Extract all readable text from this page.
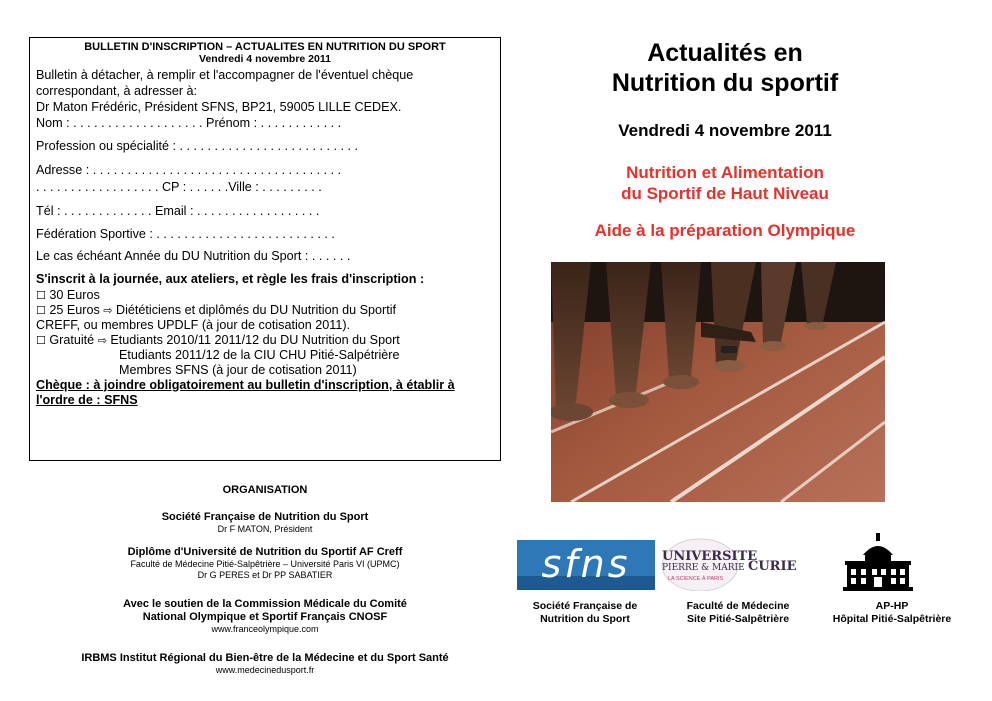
BULLETIN D'INSCRIPTION – ACTUALITES EN NUTRITION DU SPORT
Vendredi 4 novembre 2011
Bulletin à détacher, à remplir et l'accompagner de l'éventuel chèque correspondant, à adresser à:
Dr Maton Frédéric, Président SFNS, BP21, 59005 LILLE CEDEX.
Nom : . . . . . . . . . . . . . . . . . . . Prénom : . . . . . . . . . . . .
Profession ou spécialité : . . . . . . . . . . . . . . . . . . . . . . . . . .
Adresse : . . . . . . . . . . . . . . . . . . . . . . . . . . . . . . . . . . . .
. . . . . . . . . . . . . . . . . . CP : . . . . . .Ville : . . . . . . . . .
Tél : . . . . . . . . . . . . . Email : . . . . . . . . . . . . . . . . . .
Fédération Sportive : . . . . . . . . . . . . . . . . . . . . . . . . . .
Le cas échéant Année du DU Nutrition du Sport : . . . . . .
S'inscrit à la journée, aux ateliers, et règle les frais d'inscription :
☐ 30 Euros
☐ 25 Euros ⇨ Diététiciens et diplômés du DU Nutrition du Sportif
CREFF, ou membres UPDLF (à jour de cotisation 2011).
☐ Gratuité ⇨ Etudiants 2010/11 2011/12 du DU Nutrition du Sport
Etudiants 2011/12 de la CIU CHU Pitié-Salpétrière
Membres SFNS (à jour de cotisation 2011)
Chèque : à joindre obligatoirement au bulletin d'inscription, à établir à l'ordre de : SFNS
ORGANISATION
Société Française de Nutrition du Sport
Dr F MATON, Président
Diplôme d'Université de Nutrition du Sportif AF Creff
Faculté de Médecine Pitié-Salpêtrière – Université Paris VI (UPMC)
Dr G PERES et Dr PP SABATIER
Avec le soutien de la Commission Médicale du Comité
National Olympique et Sportif Français CNOSF
www.franceolympique.com
IRBMS Institut Régional du Bien-être de la Médecine et du Sport Santé
www.medecinedusport.fr
Actualités en
Nutrition du sportif
Vendredi 4 novembre 2011
Nutrition et Alimentation
du Sportif de Haut Niveau
Aide à la préparation Olympique
sfns	UNIVERSITE
PIERRE & MARIE CURIE
LA SCIENCE À PARIS
Société Française de
Nutrition du Sport
Faculté de Médecine
Site Pitié-Salpêtrière
AP-HP
Hôpital Pitié-Salpêtrière
